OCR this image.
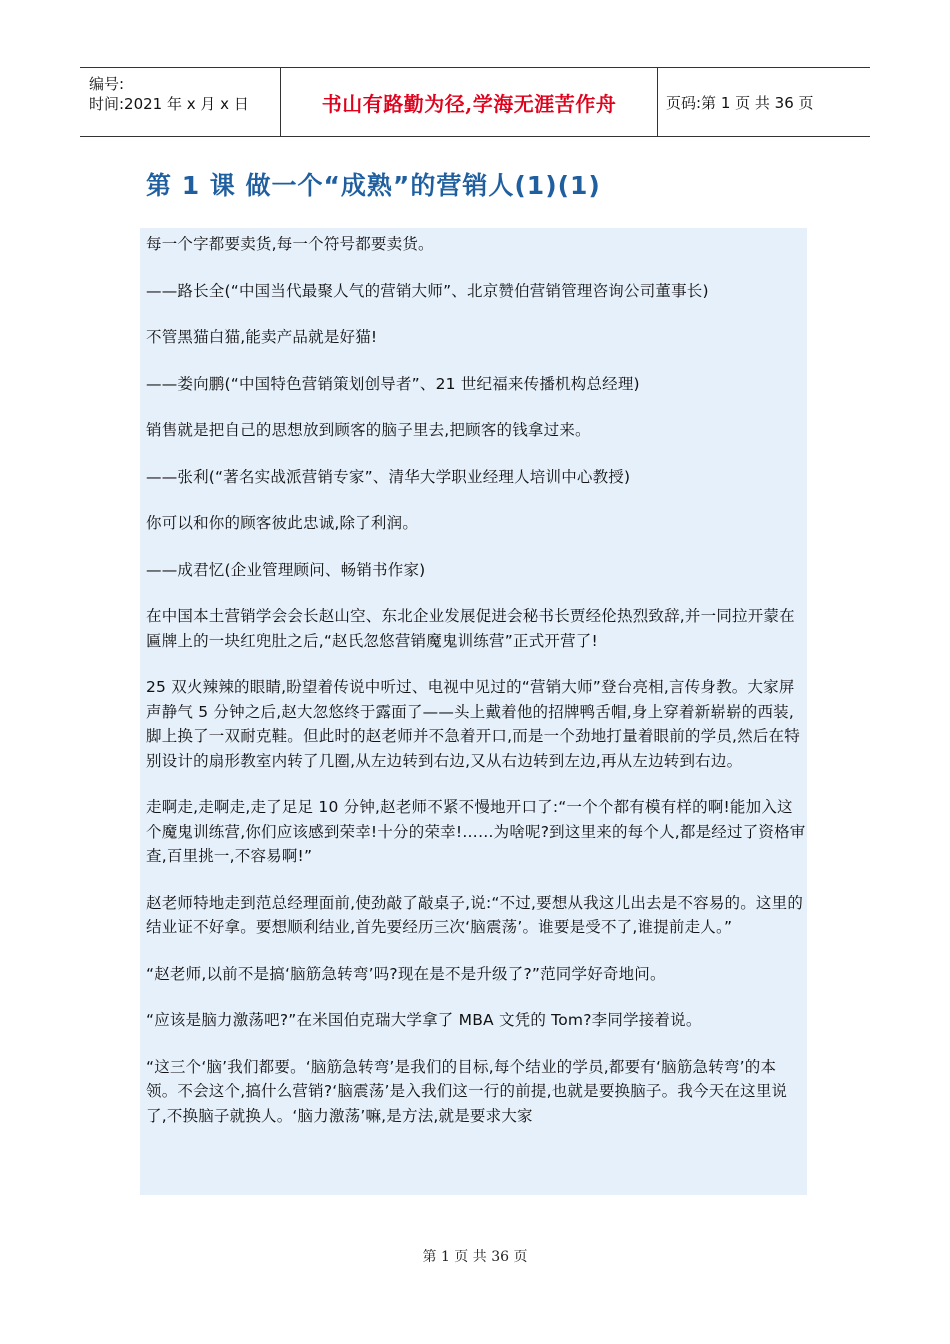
编号:
时间:2021 年 x 月 x 日	书山有路勤为径,学海无涯苦作舟	页码:第 1 页 共 36 页
第 1 课 做一个“成熟”的营销人(1)(1)

每一个字都要卖货,每一个符号都要卖货。

——路长全(“中国当代最聚人气的营销大师”、北京赞伯营销管理咨询公司董事长)

不管黑猫白猫,能卖产品就是好猫!

——娄向鹏(“中国特色营销策划创导者”、21 世纪福来传播机构总经理)

销售就是把自己的思想放到顾客的脑子里去,把顾客的钱拿过来。

——张利(“著名实战派营销专家”、清华大学职业经理人培训中心教授)

你可以和你的顾客彼此忠诚,除了利润。

——成君忆(企业管理顾问、畅销书作家)

在中国本土营销学会会长赵山空、东北企业发展促进会秘书长贾经伦热烈致辞,并一同拉开蒙在匾牌上的一块红兜肚之后,“赵氏忽悠营销魔鬼训练营”正式开营了!

25 双火辣辣的眼睛,盼望着传说中听过、电视中见过的“营销大师”登台亮相,言传身教。大家屏声静气 5 分钟之后,赵大忽悠终于露面了——头上戴着他的招牌鸭舌帽,身上穿着新崭崭的西装,脚上换了一双耐克鞋。但此时的赵老师并不急着开口,而是一个劲地打量着眼前的学员,然后在特别设计的扇形教室内转了几圈,从左边转到右边,又从右边转到左边,再从左边转到右边。

走啊走,走啊走,走了足足 10 分钟,赵老师不紧不慢地开口了:“一个个都有模有样的啊!能加入这个魔鬼训练营,你们应该感到荣幸!十分的荣幸!……为啥呢?到这里来的每个人,都是经过了资格审查,百里挑一,不容易啊!”

赵老师特地走到范总经理面前,使劲敲了敲桌子,说:“不过,要想从我这儿出去是不容易的。这里的结业证不好拿。要想顺利结业,首先要经历三次‘脑震荡’。谁要是受不了,谁提前走人。”

“赵老师,以前不是搞‘脑筋急转弯’吗?现在是不是升级了?”范同学好奇地问。

“应该是脑力激荡吧?”在米国伯克瑞大学拿了 MBA 文凭的 Tom?李同学接着说。

“这三个‘脑’我们都要。‘脑筋急转弯’是我们的目标,每个结业的学员,都要有‘脑筋急转弯’的本领。不会这个,搞什么营销?‘脑震荡’是入我们这一行的前提,也就是要换脑子。我今天在这里说了,不换脑子就换人。‘脑力激荡’嘛,是方法,就是要求大家

第 1 页 共 36 页
